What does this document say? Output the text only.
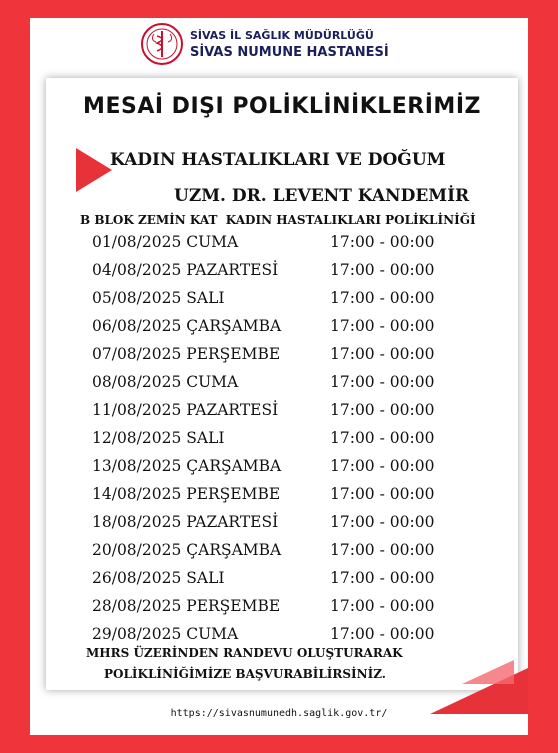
SİVAS İL SAĞLIK MÜDÜRLÜĞÜ
SİVAS NUMUNE HASTANESİ
MESAİ DIŞI POLİKLİNİKLERİMİZ
KADIN HASTALIKLARI VE DOĞUM
UZM. DR. LEVENT KANDEMİR
B BLOK ZEMİN KAT  KADIN HASTALIKLARI POLİKLİNİĞİ
01/08/2025 CUMA	17:00 - 00:00
04/08/2025 PAZARTESİ	17:00 - 00:00
05/08/2025 SALI	17:00 - 00:00
06/08/2025 ÇARŞAMBA	17:00 - 00:00
07/08/2025 PERŞEMBE	17:00 - 00:00
08/08/2025 CUMA	17:00 - 00:00
11/08/2025 PAZARTESİ	17:00 - 00:00
12/08/2025 SALI	17:00 - 00:00
13/08/2025 ÇARŞAMBA	17:00 - 00:00
14/08/2025 PERŞEMBE	17:00 - 00:00
18/08/2025 PAZARTESİ	17:00 - 00:00
20/08/2025 ÇARŞAMBA	17:00 - 00:00
26/08/2025 SALI	17:00 - 00:00
28/08/2025 PERŞEMBE	17:00 - 00:00
29/08/2025 CUMA	17:00 - 00:00
MHRS ÜZERİNDEN RANDEVU OLUŞTURARAK
POLİKLİNİĞİMİZE BAŞVURABİLİRSİNİZ.
https://sivasnumunedh.saglik.gov.tr/
